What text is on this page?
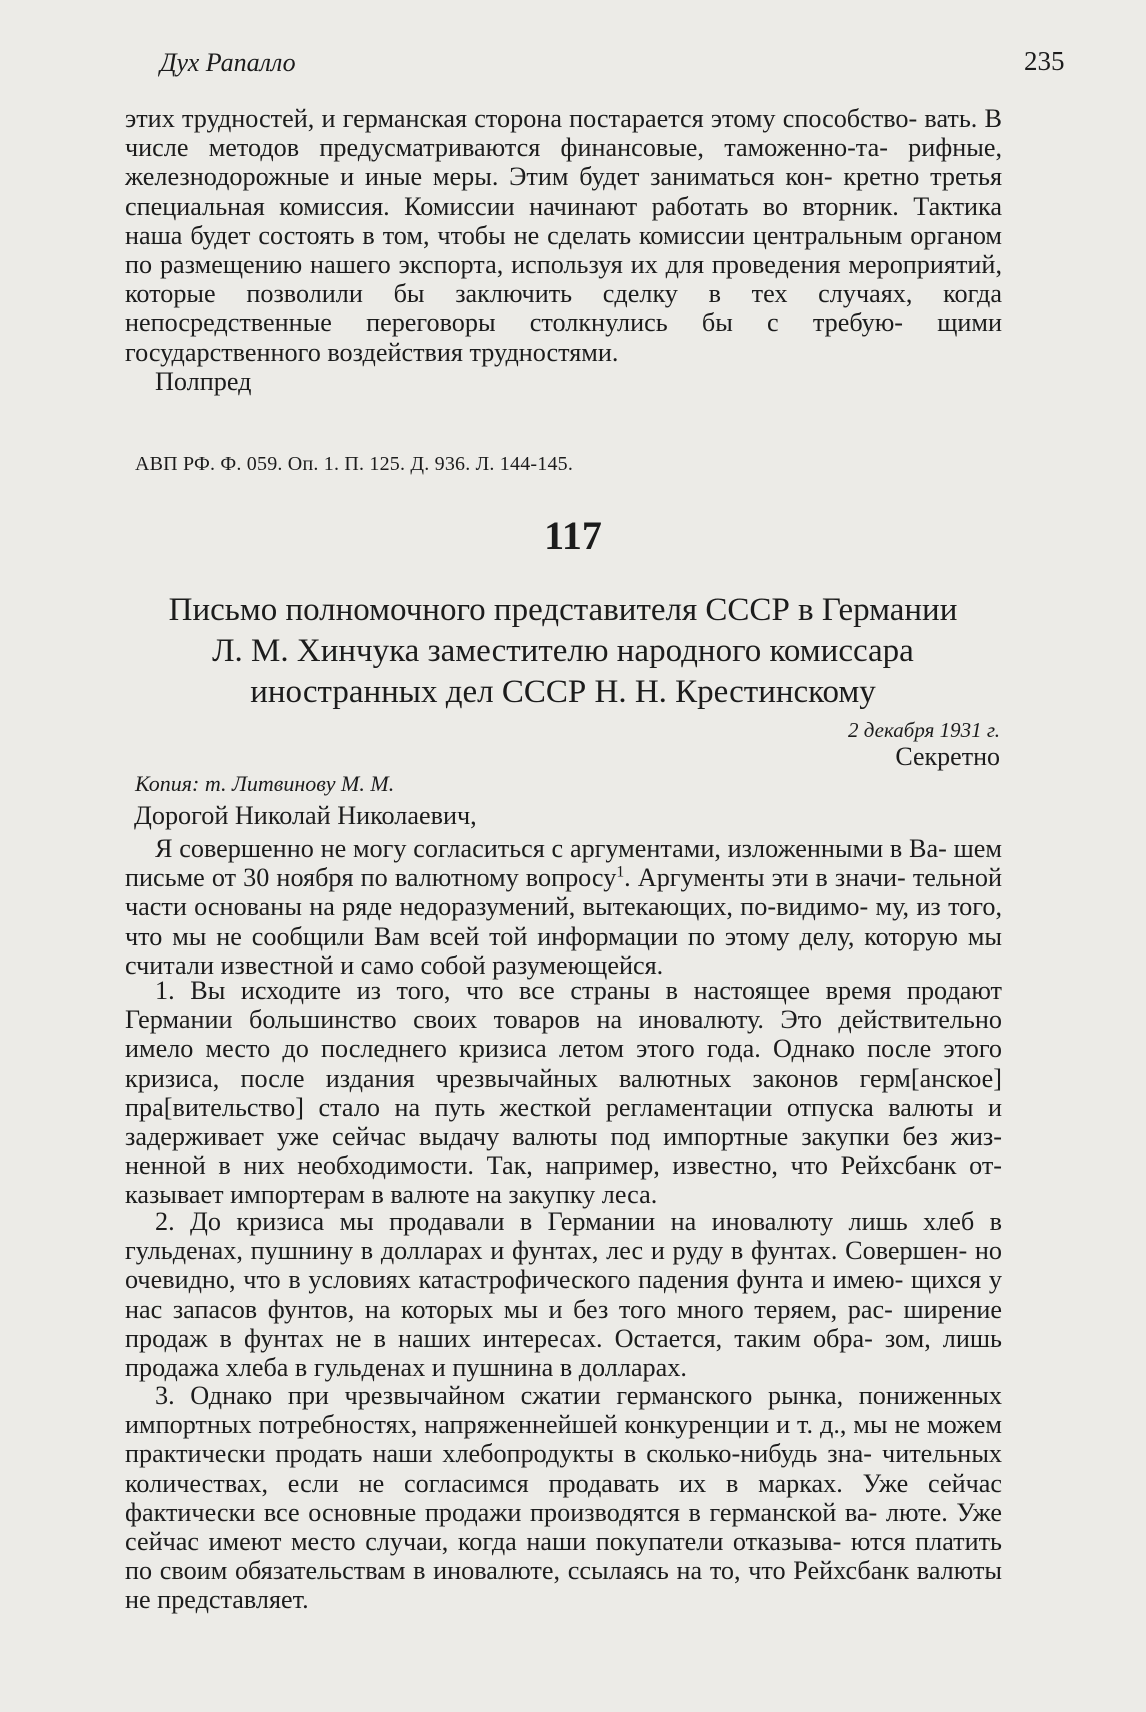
Дух Рапалло	235

этих трудностей, и германская сторона постарается этому способство- вать. В числе методов предусматриваются финансовые, таможенно-та- рифные, железнодорожные и иные меры. Этим будет заниматься кон- кретно третья специальная комиссия. Комиссии начинают работать во вторник. Тактика наша будет состоять в том, чтобы не сделать комиссии центральным органом по размещению нашего экспорта, используя их для проведения мероприятий, которые позволили бы заключить сделку в тех случаях, когда непосредственные переговоры столкнулись бы с требую- щими государственного воздействия трудностями.

Полпред

АВП РФ. Ф. 059. Оп. 1. П. 125. Д. 936. Л. 144-145.
117
Письмо полномочного представителя СССР в Германии
Л. М. Хинчука заместителю народного комиссара
иностранных дел СССР Н. Н. Крестинскому
2 декабря 1931 г.
Секретно
Копия: т. Литвинову М. М.
Дорогой Николай Николаевич,

Я совершенно не могу согласиться с аргументами, изложенными в Ва- шем письме от 30 ноября по валютному вопросу$^1$. Аргументы эти в значи- тельной части основаны на ряде недоразумений, вытекающих, по-видимо- му, из того, что мы не сообщили Вам всей той информации по этому делу, которую мы считали известной и само собой разумеющейся.

1. Вы исходите из того, что все страны в настоящее время продают Германии большинство своих товаров на иновалюту. Это действительно имело место до последнего кризиса летом этого года. Однако после этого кризиса, после издания чрезвычайных валютных законов герм[анское] пра[вительство] стало на путь жесткой регламентации отпуска валюты и задерживает уже сейчас выдачу валюты под импортные закупки без жиз- ненной в них необходимости. Так, например, известно, что Рейхсбанк от- казывает импортерам в валюте на закупку леса.

2. До кризиса мы продавали в Германии на иновалюту лишь хлеб в гульденах, пушнину в долларах и фунтах, лес и руду в фунтах. Совершен- но очевидно, что в условиях катастрофического падения фунта и имею- щихся у нас запасов фунтов, на которых мы и без того много теряем, рас- ширение продаж в фунтах не в наших интересах. Остается, таким обра- зом, лишь продажа хлеба в гульденах и пушнина в долларах.

3. Однако при чрезвычайном сжатии германского рынка, пониженных импортных потребностях, напряженнейшей конкуренции и т. д., мы не можем практически продать наши хлебопродукты в сколько-нибудь зна- чительных количествах, если не согласимся продавать их в марках. Уже сейчас фактически все основные продажи производятся в германской ва- люте. Уже сейчас имеют место случаи, когда наши покупатели отказыва- ются платить по своим обязательствам в иновалюте, ссылаясь на то, что Рейхсбанк валюты не представляет.
